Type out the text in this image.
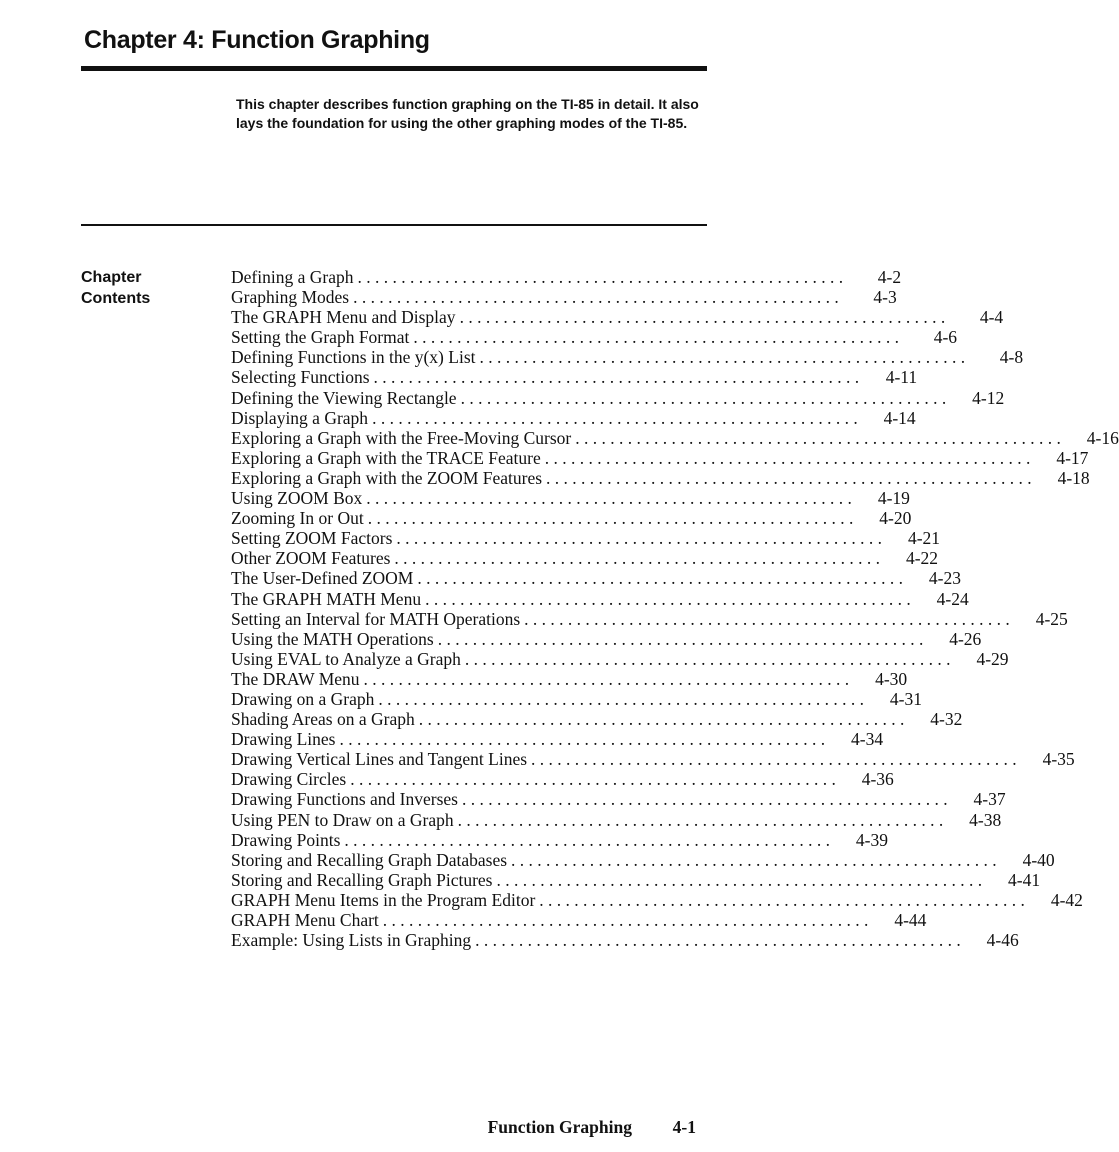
Chapter 4: Function Graphing
This chapter describes function graphing on the TI-85 in detail. It also lays the foundation for using the other graphing modes of the TI-85.
Chapter
Contents
Defining a Graph . . .	4-2
Graphing Modes . . .	4-3
The GRAPH Menu and Display . . .	4-4
Setting the Graph Format . . .	4-6
Defining Functions in the y(x) List . . .	4-8
Selecting Functions . . .	4-11
Defining the Viewing Rectangle . . .	4-12
Displaying a Graph . . .	4-14
Exploring a Graph with the Free-Moving Cursor . . .	4-16
Exploring a Graph with the TRACE Feature . . .	4-17
Exploring a Graph with the ZOOM Features . . .	4-18
Using ZOOM Box . . .	4-19
Zooming In or Out . . .	4-20
Setting ZOOM Factors . . .	4-21
Other ZOOM Features . . .	4-22
The User-Defined ZOOM . . .	4-23
The GRAPH MATH Menu . . .	4-24
Setting an Interval for MATH Operations . . .	4-25
Using the MATH Operations . . .	4-26
Using EVAL to Analyze a Graph . . .	4-29
The DRAW Menu . . .	4-30
Drawing on a Graph . . .	4-31
Shading Areas on a Graph . . .	4-32
Drawing Lines . . .	4-34
Drawing Vertical Lines and Tangent Lines . . .	4-35
Drawing Circles . . .	4-36
Drawing Functions and Inverses . . .	4-37
Using PEN to Draw on a Graph . . .	4-38
Drawing Points . . .	4-39
Storing and Recalling Graph Databases . . .	4-40
Storing and Recalling Graph Pictures . . .	4-41
GRAPH Menu Items in the Program Editor . . .	4-42
GRAPH Menu Chart . . .	4-44
Example: Using Lists in Graphing . . .	4-46
Function Graphing 4-1
